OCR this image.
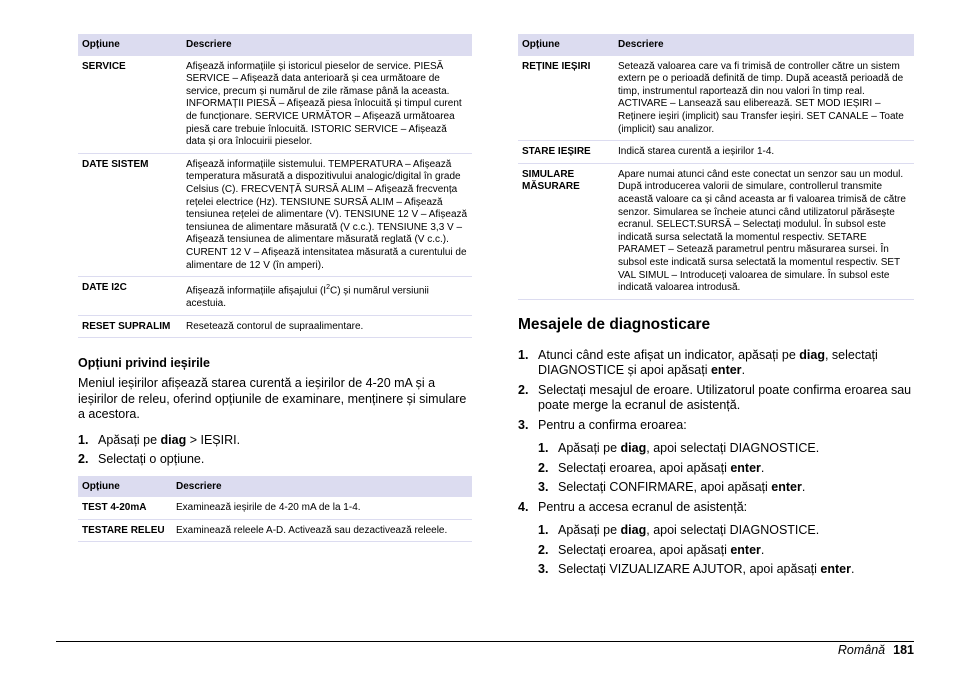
Opțiune	Descriere
SERVICE	Afișează informațiile și istoricul pieselor de service. PIESĂ SERVICE – Afișează data anterioară și cea următoare de service, precum și numărul de zile rămase până la aceasta. INFORMAȚII PIESĂ – Afișează piesa înlocuită și timpul curent de funcționare. SERVICE URMĂTOR – Afișează următoarea piesă care trebuie înlocuită. ISTORIC SERVICE – Afișează data și ora înlocuirii pieselor.
DATE SISTEM	Afișează informațiile sistemului. TEMPERATURA – Afișează temperatura măsurată a dispozitivului analogic/digital în grade Celsius (C). FRECVENȚĂ SURSĂ ALIM – Afișează frecvența rețelei electrice (Hz). TENSIUNE SURSĂ ALIM – Afișează tensiunea rețelei de alimentare (V). TENSIUNE 12 V – Afișează tensiunea de alimentare măsurată (V c.c.). TENSIUNE 3,3 V – Afișează tensiunea de alimentare măsurată reglată (V c.c.). CURENT 12 V – Afișează intensitatea măsurată a curentului de alimentare de 12 V (în amperi).
DATE I2C	Afișează informațiile afișajului $(I^2C)$ și numărul versiunii acestuia.
RESET SUPRALIM	Resetează contorul de supraalimentare.
Opțiuni privind ieșirile

Meniul ieșirilor afișează starea curentă a ieșirilor de 4-20 mA și a ieșirilor de releu, oferind opțiunile de examinare, menținere și simulare a acestora.

1. Apăsați pe diag > IEȘIRI.
2. Selectați o opțiune.
Opțiune	Descriere
TEST 4-20mA	Examinează ieșirile de 4-20 mA de la 1-4.
TESTARE RELEU	Examinează releele A-D. Activează sau dezactivează releele.
Opțiune	Descriere
REȚINE IEȘIRI	Setează valoarea care va fi trimisă de controller către un sistem extern pe o perioadă definită de timp. După această perioadă de timp, instrumentul raportează din nou valori în timp real. ACTIVARE – Lansează sau eliberează. SET MOD IEȘIRI – Reținere ieșiri (implicit) sau Transfer ieșiri. SET CANALE – Toate (implicit) sau analizor.
STARE IEȘIRE	Indică starea curentă a ieșirilor 1-4.
SIMULARE MĂSURARE	Apare numai atunci când este conectat un senzor sau un modul. După introducerea valorii de simulare, controllerul transmite această valoare ca și când aceasta ar fi valoarea trimisă de către senzor. Simularea se încheie atunci când utilizatorul părăsește ecranul. SELECT.SURSĂ – Selectați modulul. În subsol este indicată sursa selectată la momentul respectiv. SETARE PARAMET – Setează parametrul pentru măsurarea sursei. În subsol este indicată sursa selectată la momentul respectiv. SET VAL SIMUL – Introduceți valoarea de simulare. În subsol este indicată valoarea introdusă.
Mesajele de diagnosticare
1. Atunci când este afișat un indicator, apăsați pe diag, selectați DIAGNOSTICE și apoi apăsați enter.
2. Selectați mesajul de eroare. Utilizatorul poate confirma eroarea sau poate merge la ecranul de asistență.
3. Pentru a confirma eroarea:
1. Apăsați pe diag, apoi selectați DIAGNOSTICE.
2. Selectați eroarea, apoi apăsați enter.
3. Selectați CONFIRMARE, apoi apăsați enter.
4. Pentru a accesa ecranul de asistență:
1. Apăsați pe diag, apoi selectați DIAGNOSTICE.
2. Selectați eroarea, apoi apăsați enter.
3. Selectați VIZUALIZARE AJUTOR, apoi apăsați enter.
Română 181
